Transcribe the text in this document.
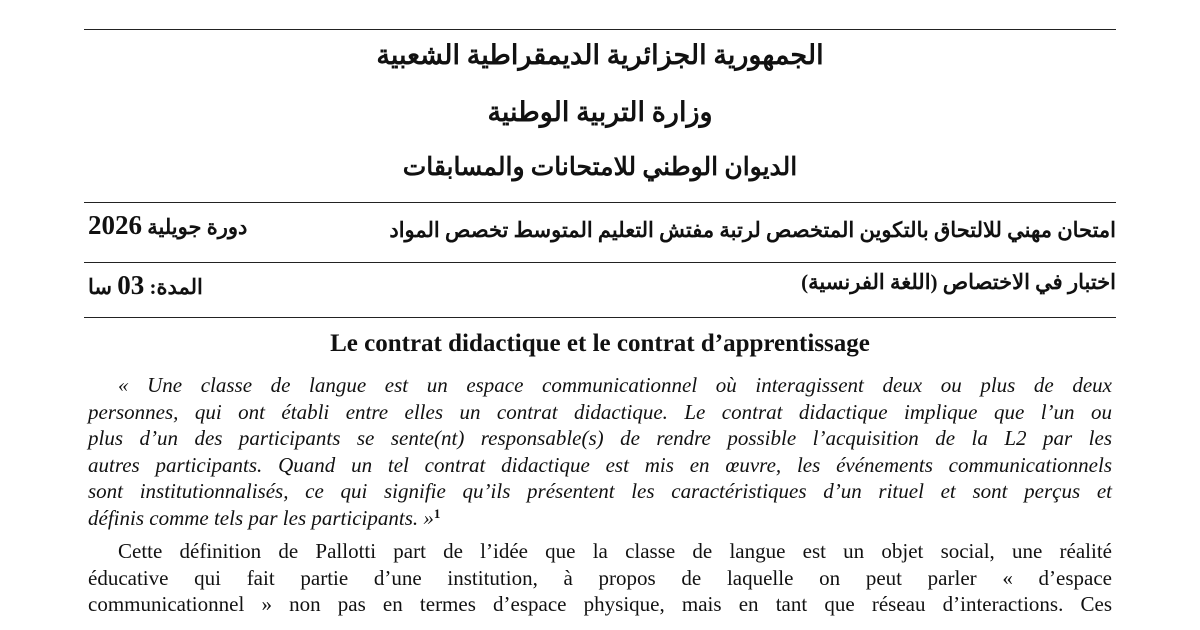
الجمهورية الجزائرية الديمقراطية الشعبية
وزارة التربية الوطنية
الديوان الوطني للامتحانات والمسابقات
امتحان مهني للالتحاق بالتكوين المتخصص لرتبة مفتش التعليم المتوسط تخصص المواد
دورة جويلية 2026
اختبار في الاختصاص (اللغة الفرنسية)
المدة: 03 سا
Le contrat didactique et le contrat d’apprentissage
« Une classe de langue est un espace communicationnel où interagissent deux ou plus de deux
personnes, qui ont établi entre elles un contrat didactique. Le contrat didactique implique que l’un ou
plus d’un des participants se sente(nt) responsable(s) de rendre possible l’acquisition de la L2 par les
autres participants. Quand un tel contrat didactique est mis en œuvre, les événements communicationnels
sont institutionnalisés, ce qui signifie qu’ils présentent les caractéristiques d’un rituel et sont perçus et
définis comme tels par les participants. »$^1$
Cette définition de Pallotti part de l’idée que la classe de langue est un objet social, une réalité
éducative qui fait partie d’une institution, à propos de laquelle on peut parler « d’espace
communicationnel » non pas en termes d’espace physique, mais en tant que réseau d’interactions. Ces
